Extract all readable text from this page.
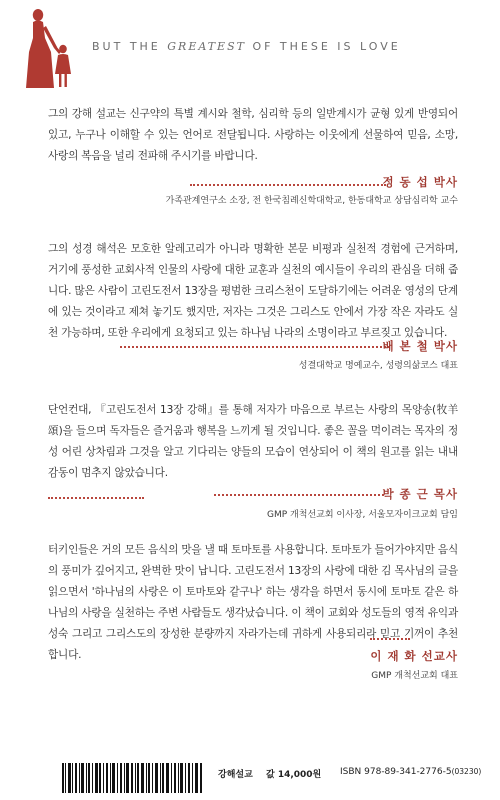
BUT THE GREATEST OF THESE IS LOVE

그의 강해 설교는 신구약의 특별 계시와 철학, 심리학 등의 일반계시가 균형 있게 반영되어 있고, 누구나 이해할 수 있는 언어로 전달됩니다. 사랑하는 이웃에게 선물하여 믿음, 소망, 사랑의 복음을 널리 전파해 주시기를 바랍니다.

정 동 섭 박사
가족관계연구소 소장, 전 한국침례신학대학교, 한동대학교 상담심리학 교수

그의 성경 해석은 모호한 알레고리가 아니라 명확한 본문 비평과 실천적 경험에 근거하며, 거기에 풍성한 교회사적 인물의 사랑에 대한 교훈과 실천의 예시들이 우리의 관심을 더해 줍니다. 많은 사람이 고린도전서 13장을 평범한 크리스천이 도달하기에는 어려운 영성의 단계에 있는 것이라고 제쳐 놓기도 했지만, 저자는 그것은 그리스도 안에서 가장 작은 자라도 실천 가능하며, 또한 우리에게 요청되고 있는 하나님 나라의 소명이라고 부르짖고 있습니다.

배 본 철 박사
성결대학교 명예교수, 성령의삶코스 대표

단언컨대, 『고린도전서 13장 강해』를 통해 저자가 마음으로 부르는 사랑의 목양송(牧羊頌)을 들으며 독자들은 즐거움과 행복을 느끼게 될 것입니다. 좋은 꼴을 먹이려는 목자의 정성 어린 상차림과 그것을 알고 기다리는 양들의 모습이 연상되어 이 책의 원고를 읽는 내내 감동이 멈추지 않았습니다.

박 종 근 목사
GMP 개척선교회 이사장, 서울모자이크교회 담임

터키인들은 거의 모든 음식의 맛을 낼 때 토마토를 사용합니다. 토마토가 들어가야지만 음식의 풍미가 깊어지고, 완벽한 맛이 납니다. 고린도전서 13장의 사랑에 대한 김 목사님의 글을 읽으면서 '하나님의 사랑은 이 토마토와 같구나' 하는 생각을 하면서 동시에 토마토 같은 하나님의 사랑을 실천하는 주변 사람들도 생각났습니다. 이 책이 교회와 성도들의 영적 유익과 성숙 그리고 그리스도의 장성한 분량까지 자라가는데 귀하게 사용되리라 믿고 기꺼이 추천합니다.	이 재 화 선교사
GMP 개척선교회 대표
강해설교 값 14,000원 ISBN 978-89-341-2776-5(03230)
